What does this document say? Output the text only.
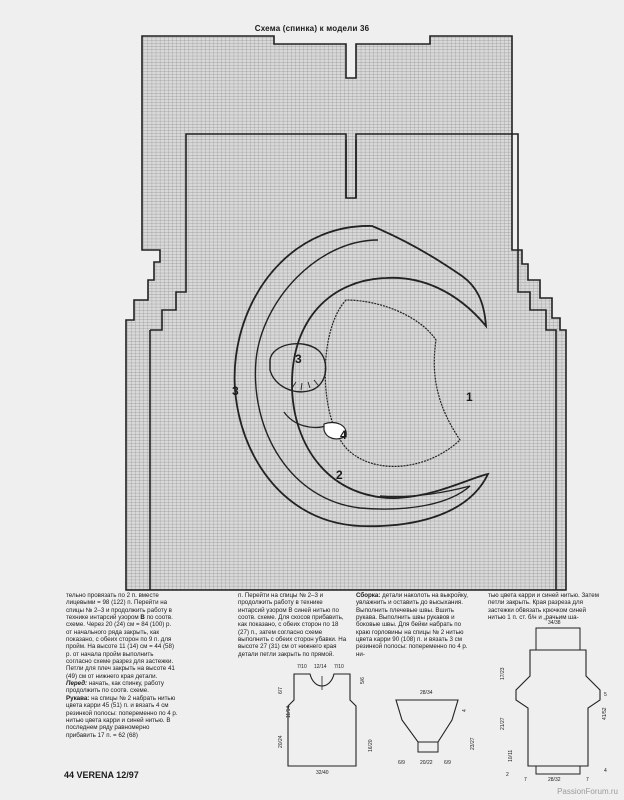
Схема (спинка) к модели 36
1
2
3
3
4

тельно провязать по 2 п. вместе лицевыми = 98 (122) п. Перейти на спицы № 2–3 и продолжить работу в технике интарсий узором В по соотв. схеме. Через 20 (24) см = 84 (100) р. от начального ряда закрыть, как показано, с обеих сторон по 9 п. для пройм. На высоте 11 (14) см = 44 (58) р. от начала пройм выполнить согласно схеме разрез для застежки. Петли для плеч закрыть на высоте 41 (49) см от нижнего края детали.

Перед: начать, как спинку, работу продолжить по соотв. схеме.

Рукава: на спицы № 2 набрать нитью цвета карри 45 (51) п. и вязать 4 см резинкой полосы: попеременно по 4 р. нитью цвета карри и синей нитью. В последнем ряду равномерно прибавить 17 п. = 62 (68)

п. Перейти на спицы № 2–3 и продолжить работу в технике интарсий узором В синей нитью по соотв. схеме. Для скосов прибавить, как показано, с обеих сторон по 18 (27) п., затем согласно схеме выполнить с обеих сторон убавки. На высоте 27 (31) см от нижнего края детали петли закрыть по прямой.

Сборка: детали наколоть на выкройку, увлажнить и оставить до высыхания. Выполнить плечевые швы. Вшить рукава. Выполнить швы рукавов и боковые швы. Для бейки набрать по краю горловины на спицы № 2 нитью цвета карри 90 (108) п. и вязать 3 см резинкой полосы: попеременно по 4 р. ни-

тью цвета карри и синей нитью. Затем петли закрыть. Края разреза для застежки обвязать крючком синей нитью 1 п. ст. б/н и „рачьим ша-

7/10 12/14 7/10
6/7
20/24
11/14
5/6
16/20
32/40
28/34
4
23/27
6/9	20/22 6/9
34/38
17/23
21/27
10/11
2
41/52
5
4
7	28/32	7
44 VERENA 12/97
PassionForum.ru
